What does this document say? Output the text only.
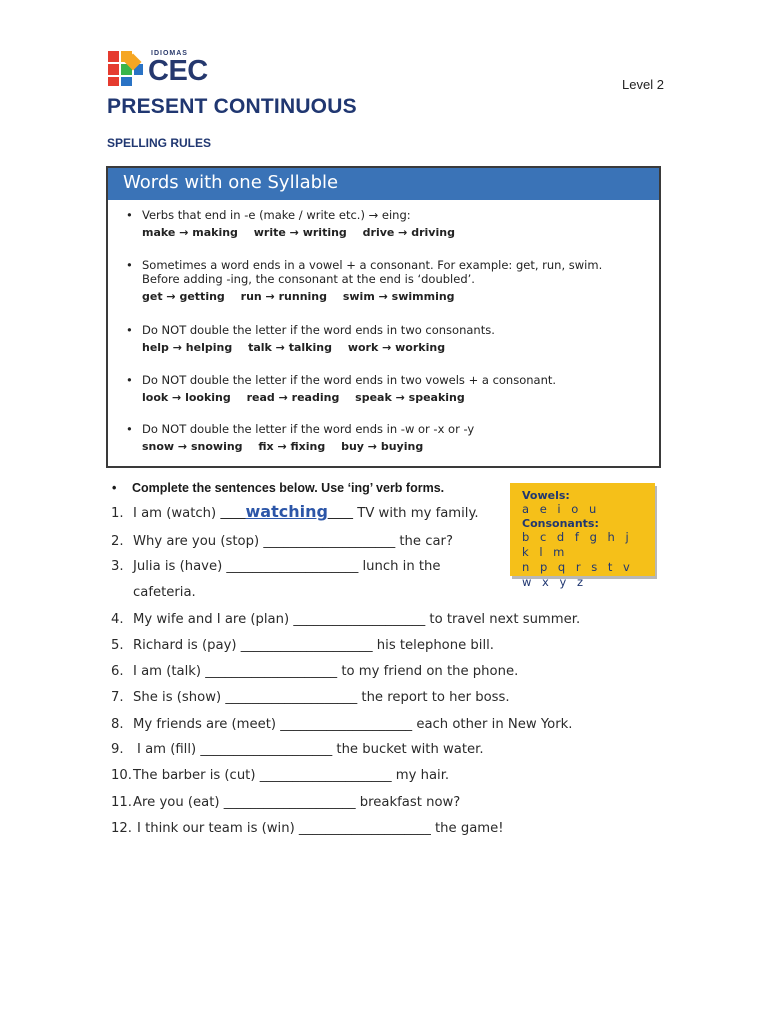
IDIOMAS
CEC	Level 2
PRESENT CONTINUOUS
SPELLING RULES
Words with one Syllable
• Verbs that end in -e (make / write etc.) → eing:
make → making write → writing drive → driving
• Sometimes a word ends in a vowel + a consonant. For example: get, run, swim.
Before adding -ing, the consonant at the end is ‘doubled’.
get → getting run → running swim → swimming
• Do NOT double the letter if the word ends in two consonants.
help → helping talk → talking work → working
• Do NOT double the letter if the word ends in two vowels + a consonant.
look → looking read → reading speak → speaking
• Do NOT double the letter if the word ends in -w or -x or -y
snow → snowing fix → fixing buy → buying
• Complete the sentences below. Use ‘ing’ verb forms.
Vowels:
a e i o u
Consonants:
b c d f g h j k l m
n p q r s t v w x y z
1. I am (watch)       watching       TV with my family.
2. Why are you (stop) ____________________ the car?
3. Julia is (have) ____________________ lunch in the
cafeteria.
4. My wife and I are (plan) ____________________ to travel next summer.
5. Richard is (pay) ____________________ his telephone bill.
6. I am (talk) ____________________ to my friend on the phone.
7. She is (show) ____________________ the report to her boss.
8. My friends are (meet) ____________________ each other in New York.
9. I am (fill) ____________________ the bucket with water.
10.The barber is (cut) ____________________ my hair.
11.Are you (eat) ____________________ breakfast now?
12. I think our team is (win) ____________________ the game!
